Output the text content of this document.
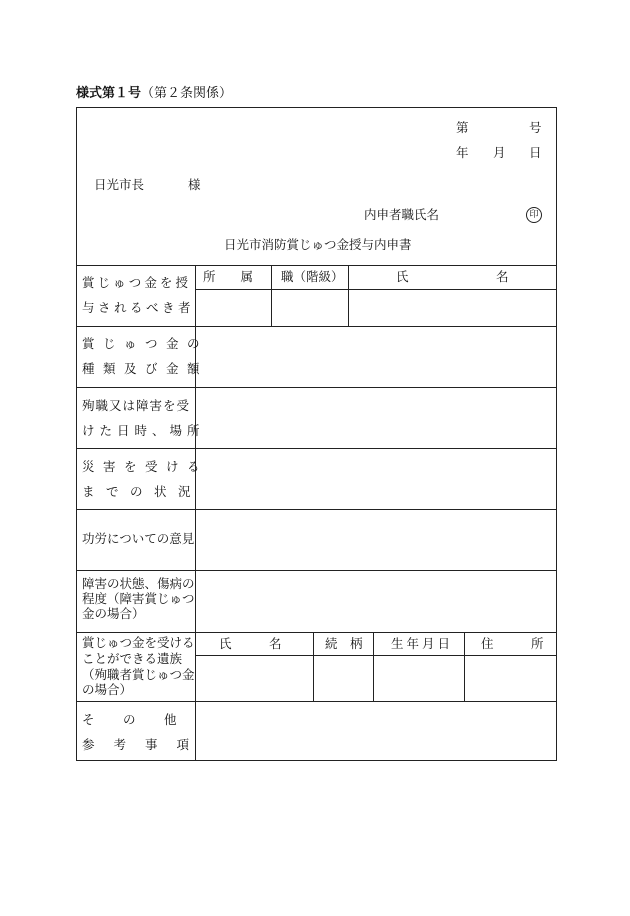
様式第１号（第２条関係）
第	号
年 月 日
日光市長	様
内申者職氏名	印
日光市消防賞じゅつ金授与内申書
賞 じ ゅ つ 金 を 授
与されるべき者
所　　属 職（階級）	氏　　　　　　　名
賞じゅつ金の
種類及び金額
殉職又は障害を受
けた日時、場所
災害を受ける
までの状況
功労についての意見
障害の状態、傷病の
程度（障害賞じゅつ
金の場合）
賞じゅつ金を受ける
ことができる遺族
（殉職者賞じゅつ金
の場合）
氏　　　名	続　柄 生年月日 住　　　所
そ　の　他
参考事項
